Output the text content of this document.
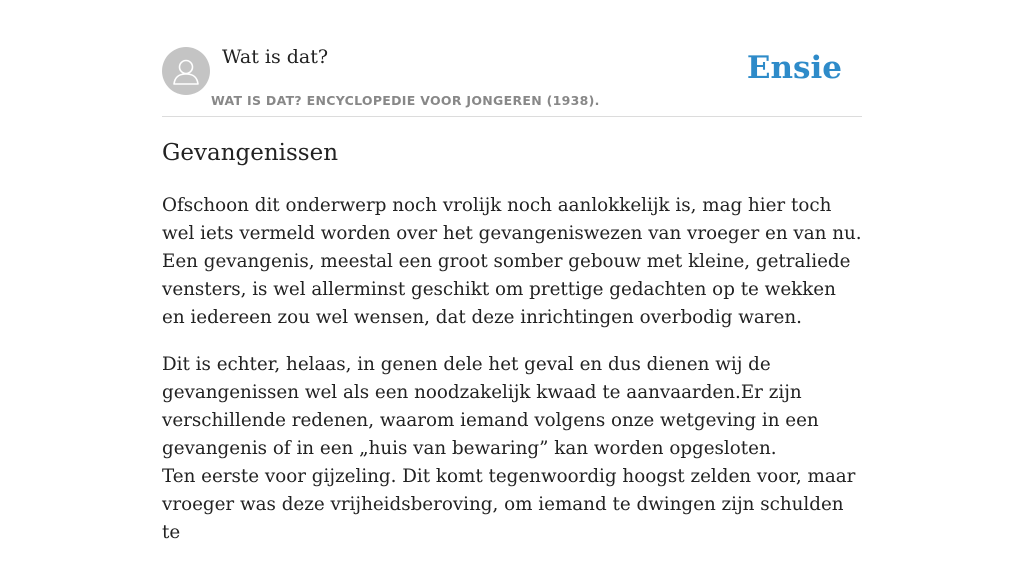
Wat is dat?
WAT IS DAT? ENCYCLOPEDIE VOOR JONGEREN (1938).
Ensie
Gevangenissen

Ofschoon dit onderwerp noch vrolijk noch aanlokkelijk is, mag hier toch wel iets vermeld worden over het gevangeniswezen van vroeger en van nu. Een gevangenis, meestal een groot somber gebouw met kleine, getraliede vensters, is wel allerminst geschikt om prettige gedachten op te wekken en iedereen zou wel wensen, dat deze inrichtingen overbodig waren.

Dit is echter, helaas, in genen dele het geval en dus dienen wij de gevangenissen wel als een noodzakelijk kwaad te aanvaarden.Er zijn verschillende redenen, waarom iemand volgens onze wetgeving in een gevangenis of in een „huis van bewaring” kan worden opgesloten.

Ten eerste voor gijzeling. Dit komt tegenwoordig hoogst zelden voor, maar vroeger was deze vrijheidsberoving, om iemand te dwingen zijn schulden te
